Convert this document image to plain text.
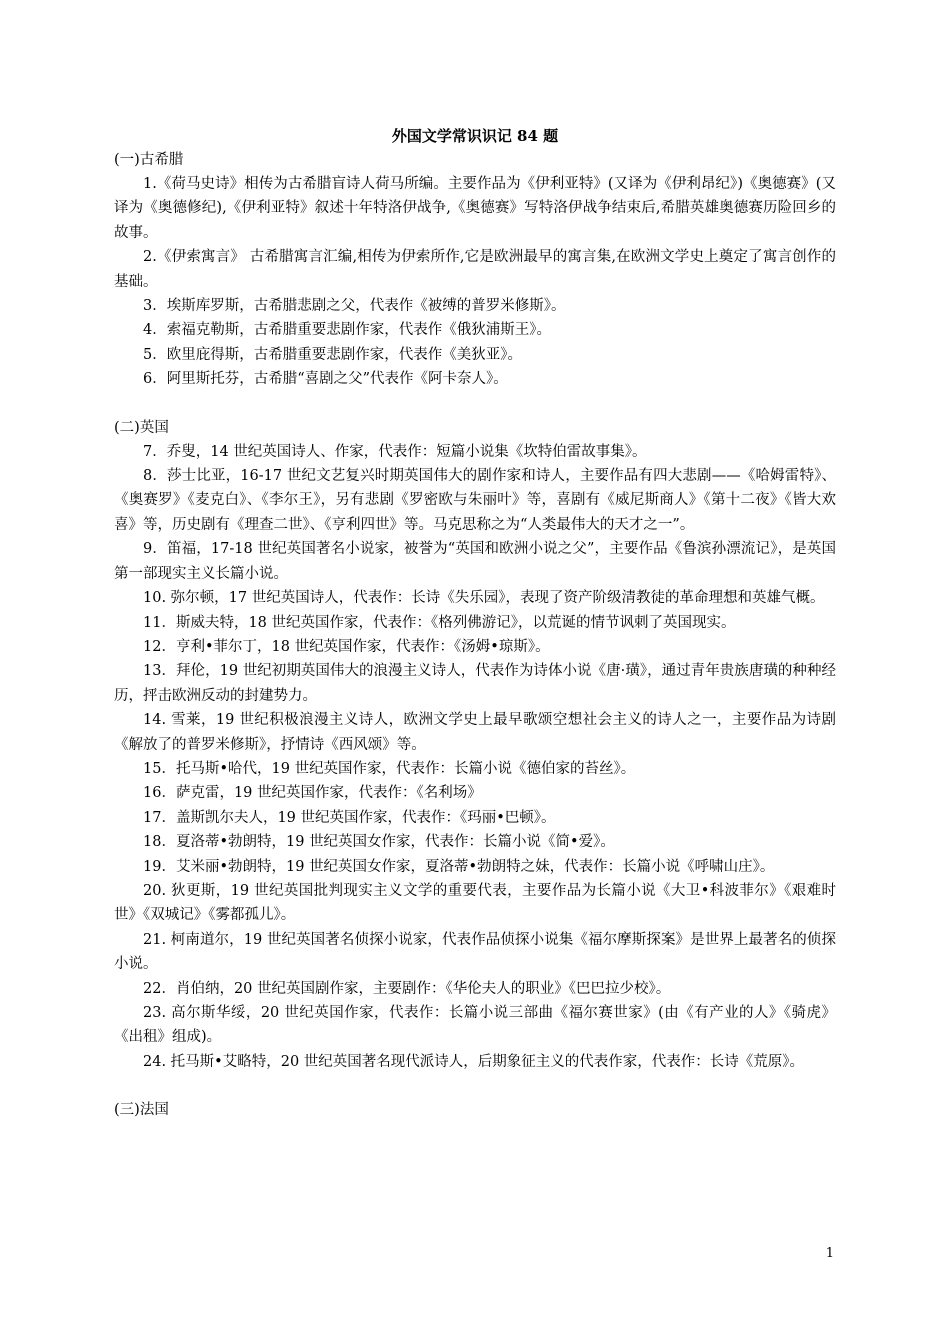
外国文学常识识记 84 题

(一)古希腊

1.《荷马史诗》相传为古希腊盲诗人荷马所编。主要作品为《伊利亚特》(又译为《伊利昂纪》)《奥德赛》(又译为《奥德修纪),《伊利亚特》叙述十年特洛伊战争,《奥德赛》写特洛伊战争结束后,希腊英雄奥德赛历险回乡的故事。

2.《伊索寓言》 古希腊寓言汇编,相传为伊索所作,它是欧洲最早的寓言集,在欧洲文学史上奠定了寓言创作的基础。

3．埃斯库罗斯，古希腊悲剧之父，代表作《被缚的普罗米修斯》。

4．索福克勒斯，古希腊重要悲剧作家，代表作《俄狄浦斯王》。

5．欧里庇得斯，古希腊重要悲剧作家，代表作《美狄亚》。

6．阿里斯托芬，古希腊“喜剧之父”代表作《阿卡奈人》。

(二)英国

7．乔叟，14 世纪英国诗人、作家，代表作：短篇小说集《坎特伯雷故事集》。

8．莎士比亚，16-17 世纪文艺复兴时期英国伟大的剧作家和诗人，主要作品有四大悲剧——《哈姆雷特》、《奥赛罗》《麦克白》、《李尔王》，另有悲剧《罗密欧与朱丽叶》等，喜剧有《威尼斯商人》《第十二夜》《皆大欢喜》等，历史剧有《理查二世》、《亨利四世》等。马克思称之为“人类最伟大的天才之一”。

9．笛福，17-18 世纪英国著名小说家，被誉为“英国和欧洲小说之父”，主要作品《鲁滨孙漂流记》，是英国第一部现实主义长篇小说。

10. 弥尔顿，17 世纪英国诗人，代表作：长诗《失乐园》，表现了资产阶级清教徒的革命理想和英雄气概。

11．斯威夫特，18 世纪英国作家，代表作：《格列佛游记》，以荒诞的情节讽刺了英国现实。

12．亨利•菲尔丁，18 世纪英国作家，代表作：《汤姆•琼斯》。

13．拜伦，19 世纪初期英国伟大的浪漫主义诗人，代表作为诗体小说《唐·璜》，通过青年贵族唐璜的种种经历，抨击欧洲反动的封建势力。

14. 雪莱，19 世纪积极浪漫主义诗人，欧洲文学史上最早歌颂空想社会主义的诗人之一，主要作品为诗剧《解放了的普罗米修斯》，抒情诗《西风颂》等。

15．托马斯•哈代，19 世纪英国作家，代表作：长篇小说《德伯家的苔丝》。

16．萨克雷，19 世纪英国作家，代表作：《名利场》

17．盖斯凯尔夫人，19 世纪英国作家，代表作：《玛丽•巴顿》。

18．夏洛蒂•勃朗特，19 世纪英国女作家，代表作：长篇小说《简•爱》。

19．艾米丽•勃朗特，19 世纪英国女作家，夏洛蒂•勃朗特之妹，代表作：长篇小说《呼啸山庄》。

20. 狄更斯，19 世纪英国批判现实主义文学的重要代表，主要作品为长篇小说《大卫•科波菲尔》《艰难时世》《双城记》《雾都孤儿》。

21. 柯南道尔，19 世纪英国著名侦探小说家，代表作品侦探小说集《福尔摩斯探案》是世界上最著名的侦探小说。

22．肖伯纳，20 世纪英国剧作家，主要剧作：《华伦夫人的职业》《巴巴拉少校》。

23. 高尔斯华绥，20 世纪英国作家，代表作：长篇小说三部曲《福尔赛世家》(由《有产业的人》《骑虎》《出租》组成)。

24. 托马斯•艾略特，20 世纪英国著名现代派诗人，后期象征主义的代表作家，代表作：长诗《荒原》。

(三)法国

1
